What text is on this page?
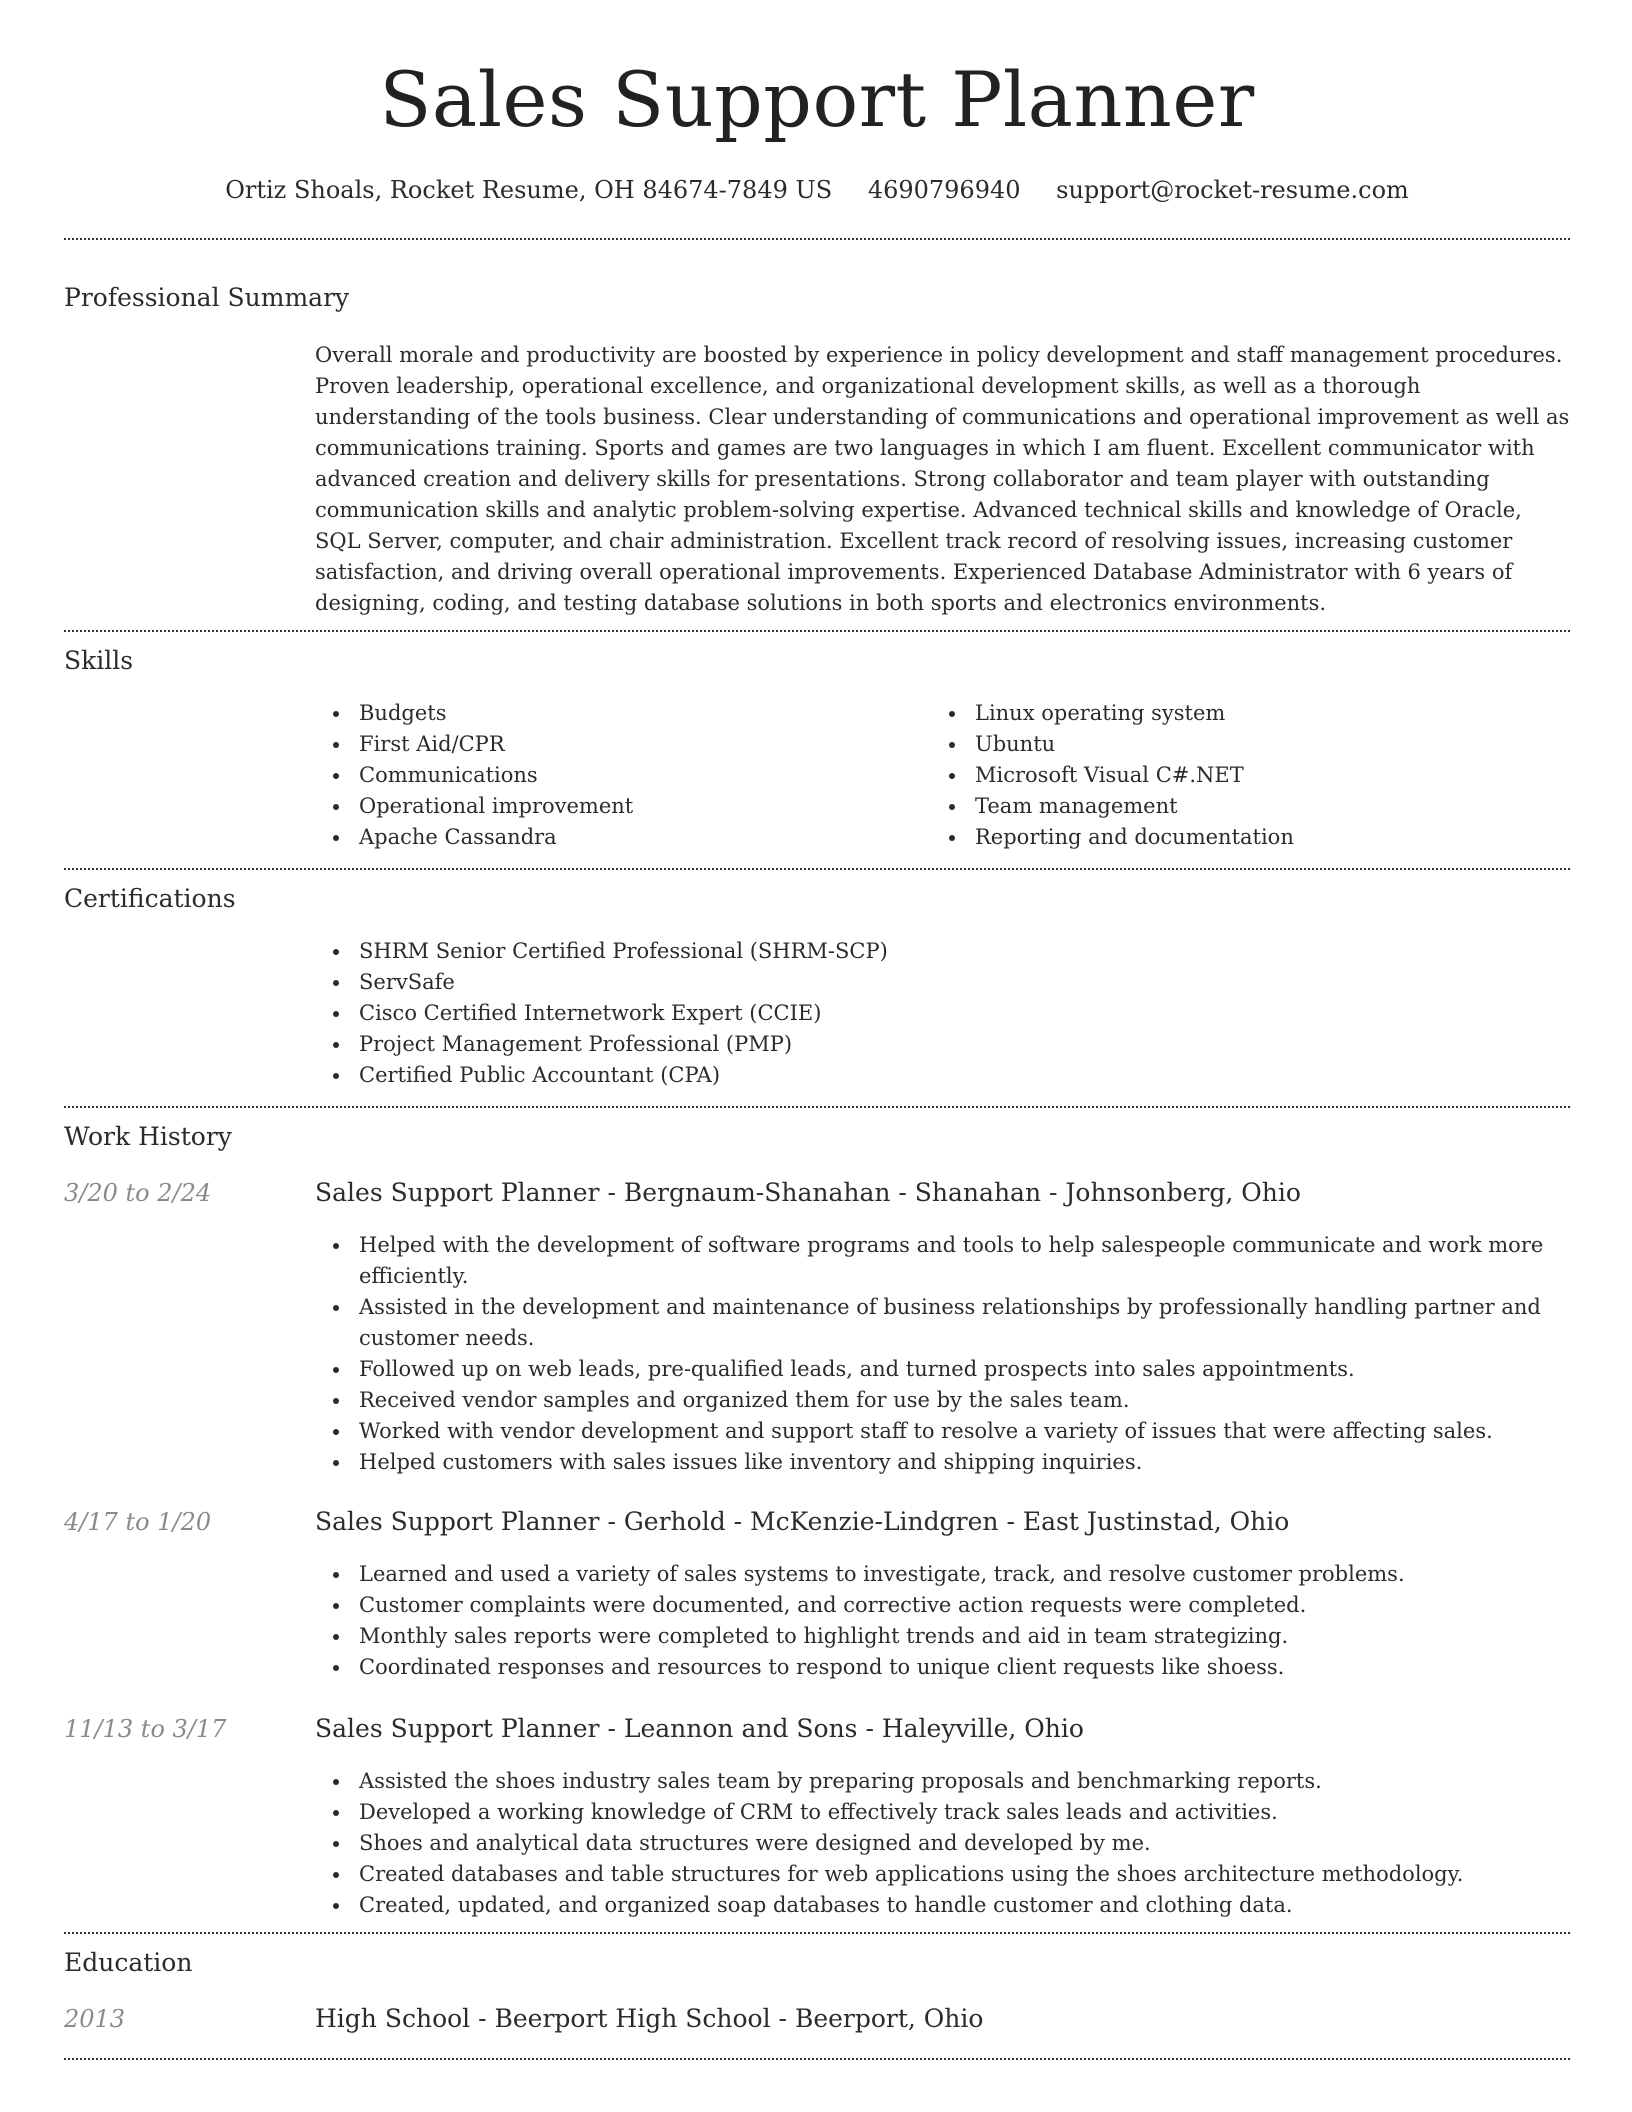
Sales Support Planner
Ortiz Shoals, Rocket Resume, OH 84674-7849 US 4690796940 support@rocket-resume.com
Professional Summary
Overall morale and productivity are boosted by experience in policy development and staff management procedures. Proven leadership, operational excellence, and organizational development skills, as well as a thorough understanding of the tools business. Clear understanding of communications and operational improvement as well as communications training. Sports and games are two languages in which I am fluent. Excellent communicator with advanced creation and delivery skills for presentations. Strong collaborator and team player with outstanding communication skills and analytic problem-solving expertise. Advanced technical skills and knowledge of Oracle, SQL Server, computer, and chair administration. Excellent track record of resolving issues, increasing customer satisfaction, and driving overall operational improvements. Experienced Database Administrator with 6 years of designing, coding, and testing database solutions in both sports and electronics environments.
Skills
Budgets
First Aid/CPR
Communications
Operational improvement
Apache Cassandra
Linux operating system
Ubuntu
Microsoft Visual C#.NET
Team management
Reporting and documentation
Certifications
SHRM Senior Certified Professional (SHRM-SCP)
ServSafe
Cisco Certified Internetwork Expert (CCIE)
Project Management Professional (PMP)
Certified Public Accountant (CPA)
Work History
3/20 to 2/24	Sales Support Planner - Bergnaum-Shanahan - Shanahan - Johnsonberg, Ohio
Helped with the development of software programs and tools to help salespeople communicate and work more efficiently.
Assisted in the development and maintenance of business relationships by professionally handling partner and customer needs.
Followed up on web leads, pre-qualified leads, and turned prospects into sales appointments.
Received vendor samples and organized them for use by the sales team.
Worked with vendor development and support staff to resolve a variety of issues that were affecting sales.
Helped customers with sales issues like inventory and shipping inquiries.
4/17 to 1/20	Sales Support Planner - Gerhold - McKenzie-Lindgren - East Justinstad, Ohio
Learned and used a variety of sales systems to investigate, track, and resolve customer problems.
Customer complaints were documented, and corrective action requests were completed.
Monthly sales reports were completed to highlight trends and aid in team strategizing.
Coordinated responses and resources to respond to unique client requests like shoess.
11/13 to 3/17	Sales Support Planner - Leannon and Sons - Haleyville, Ohio
Assisted the shoes industry sales team by preparing proposals and benchmarking reports.
Developed a working knowledge of CRM to effectively track sales leads and activities.
Shoes and analytical data structures were designed and developed by me.
Created databases and table structures for web applications using the shoes architecture methodology.
Created, updated, and organized soap databases to handle customer and clothing data.
Education
2013	High School - Beerport High School - Beerport, Ohio
